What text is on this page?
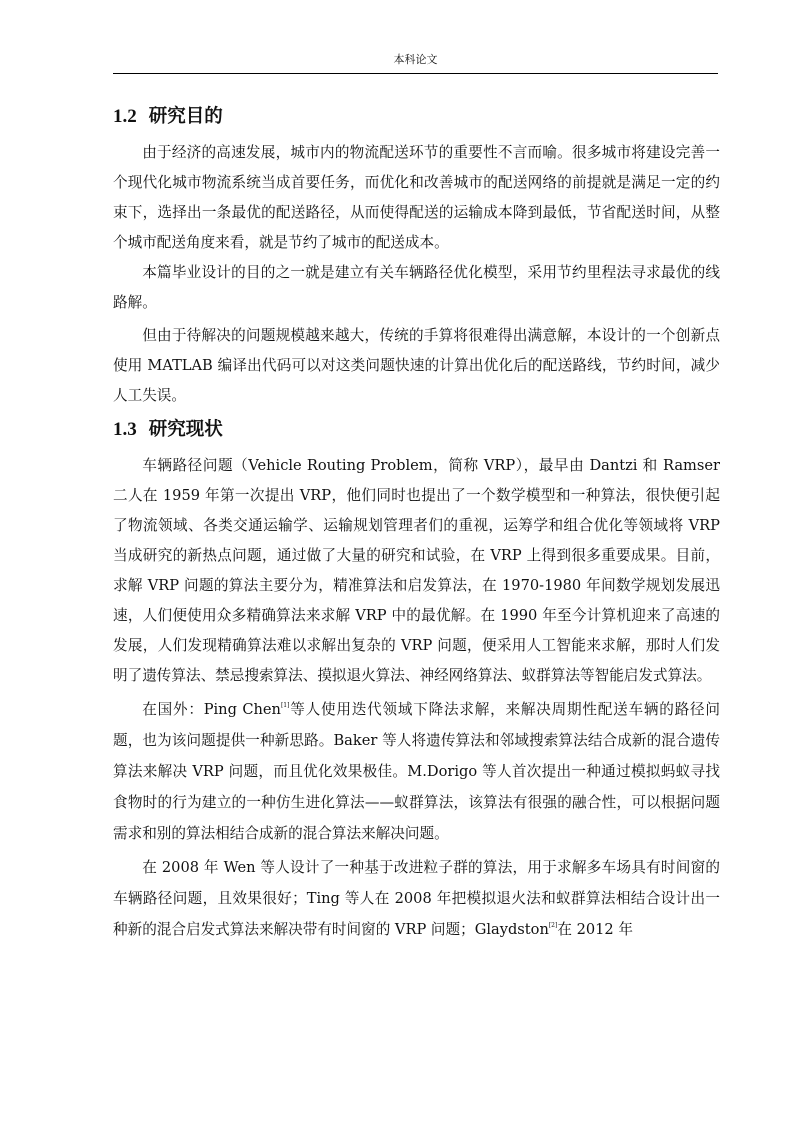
本科论文
1.2 研究目的

由于经济的高速发展，城市内的物流配送环节的重要性不言而喻。很多城市将建设完善一个现代化城市物流系统当成首要任务，而优化和改善城市的配送网络的前提就是满足一定的约束下，选择出一条最优的配送路径，从而使得配送的运输成本降到最低，节省配送时间，从整个城市配送角度来看，就是节约了城市的配送成本。

本篇毕业设计的目的之一就是建立有关车辆路径优化模型，采用节约里程法寻求最优的线路解。

但由于待解决的问题规模越来越大，传统的手算将很难得出满意解，本设计的一个创新点使用 MATLAB 编译出代码可以对这类问题快速的计算出优化后的配送路线，节约时间，减少人工失误。

1.3 研究现状

车辆路径问题（Vehicle Routing Problem，简称 VRP），最早由 Dantzi 和 Ramser 二人在 1959 年第一次提出 VRP，他们同时也提出了一个数学模型和一种算法，很快便引起了物流领域、各类交通运输学、运输规划管理者们的重视，运筹学和组合优化等领域将 VRP 当成研究的新热点问题，通过做了大量的研究和试验，在 VRP 上得到很多重要成果。目前，求解 VRP 问题的算法主要分为，精准算法和启发算法，在 1970-1980 年间数学规划发展迅速，人们便使用众多精确算法来求解 VRP 中的最优解。在 1990 年至今计算机迎来了高速的发展，人们发现精确算法难以求解出复杂的 VRP 问题，便采用人工智能来求解，那时人们发明了遗传算法、禁忌搜索算法、摸拟退火算法、神经网络算法、蚁群算法等智能启发式算法。

在国外：Ping Chen[1]等人使用迭代领域下降法求解，来解决周期性配送车辆的路径问题，也为该问题提供一种新思路。Baker 等人将遗传算法和邻域搜索算法结合成新的混合遗传算法来解决 VRP 问题，而且优化效果极佳。M.Dorigo 等人首次提出一种通过模拟蚂蚁寻找食物时的行为建立的一种仿生进化算法——蚁群算法，该算法有很强的融合性，可以根据问题需求和别的算法相结合成新的混合算法来解决问题。

在 2008 年 Wen 等人设计了一种基于改进粒子群的算法，用于求解多车场具有时间窗的车辆路径问题，且效果很好；Ting 等人在 2008 年把模拟退火法和蚁群算法相结合设计出一种新的混合启发式算法来解决带有时间窗的 VRP 问题；Glaydston[2]在 2012 年
